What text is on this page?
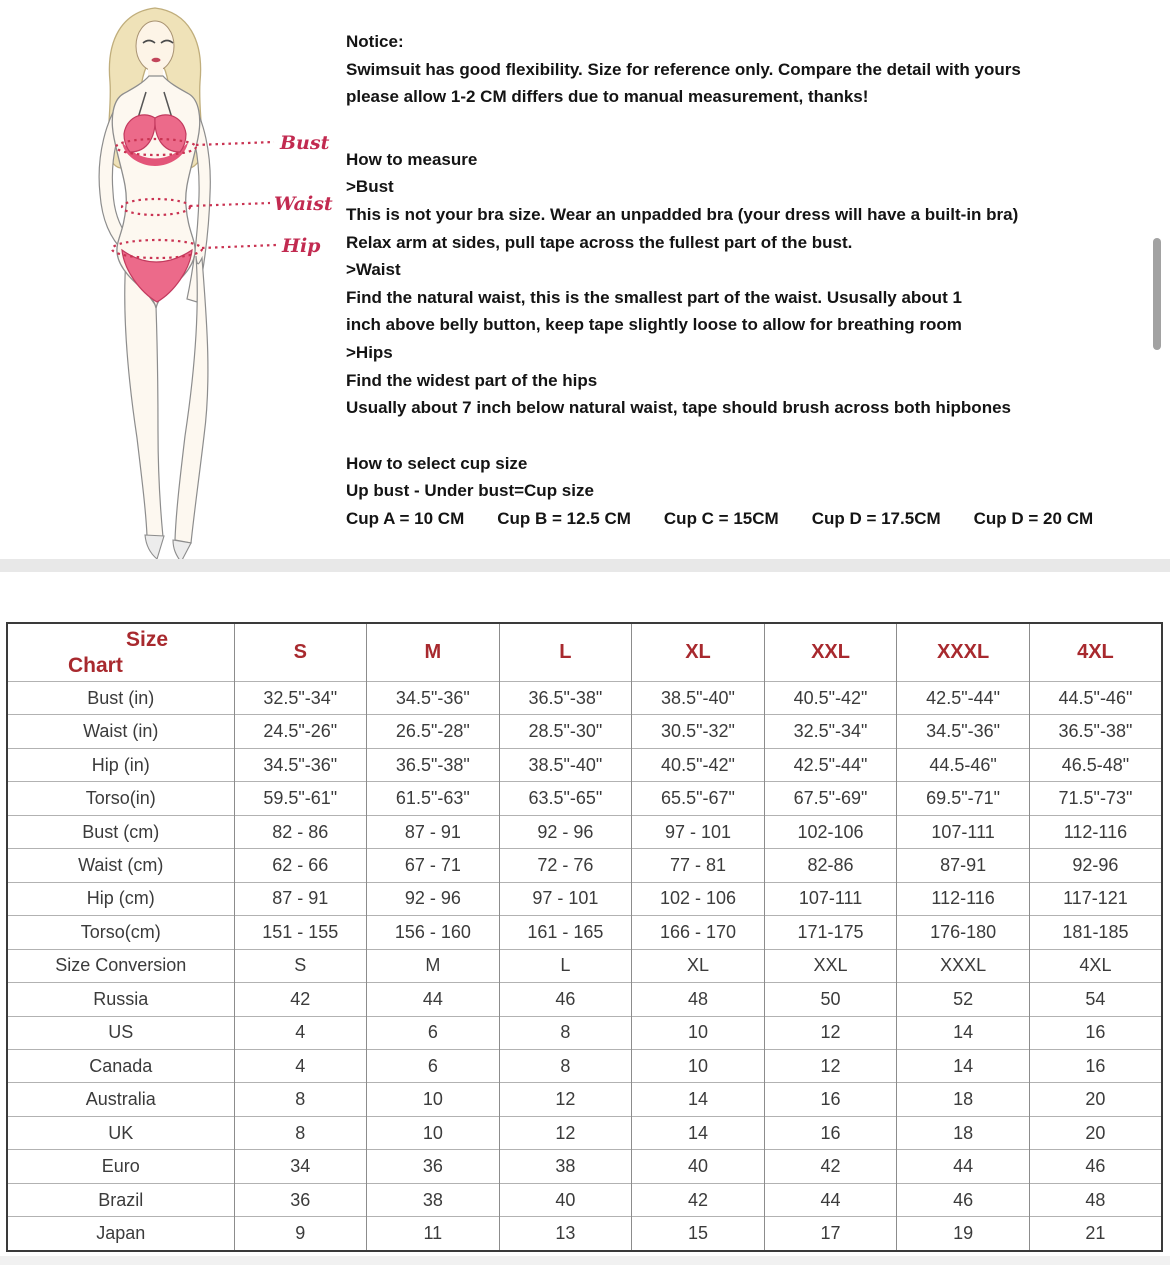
Bust
Waist
Hip

Notice:

Swimsuit has good flexibility. Size for reference only. Compare the detail with yours

please allow 1-2 CM differs due to manual measurement, thanks!

How to measure

>Bust

This is not your bra size. Wear an unpadded bra (your dress will have a built-in bra)

Relax arm at sides, pull tape across the fullest part of the bust.

>Waist

Find the natural waist, this is the smallest part of the waist. Ususally about 1

inch above belly button, keep tape slightly loose to allow for breathing room

>Hips

Find the widest part of the hips

Usually about 7 inch below natural waist, tape should brush across both hipbones

How to select cup size

Up bust - Under bust=Cup size

Cup A = 10 CM Cup B = 12.5 CM Cup C = 15CM Cup D = 17.5CM Cup D = 20 CM

Size
Chart	S	M	L	XL	XXL	XXXL	4XL
Bust (in)	32.5"-34"	34.5"-36"	36.5"-38"	38.5"-40"	40.5"-42"	42.5"-44"	44.5"-46"
Waist (in)	24.5"-26"	26.5"-28"	28.5"-30"	30.5"-32"	32.5"-34"	34.5"-36"	36.5"-38"
Hip (in)	34.5"-36"	36.5"-38"	38.5"-40"	40.5"-42"	42.5"-44"	44.5-46"	46.5-48"
Torso(in)	59.5"-61"	61.5"-63"	63.5"-65"	65.5"-67"	67.5"-69"	69.5"-71"	71.5"-73"
Bust (cm)	82 - 86	87 - 91	92 - 96	97 - 101	102-106	107-111	112-116
Waist (cm)	62 - 66	67 - 71	72 - 76	77 - 81	82-86	87-91	92-96
Hip (cm)	87 - 91	92 - 96	97 - 101	102 - 106	107-111	112-116	117-121
Torso(cm)	151 - 155	156 - 160	161 - 165	166 - 170	171-175	176-180	181-185
Size Conversion	S	M	L	XL	XXL	XXXL	4XL
Russia	42	44	46	48	50	52	54
US	4	6	8	10	12	14	16
Canada	4	6	8	10	12	14	16
Australia	8	10	12	14	16	18	20
UK	8	10	12	14	16	18	20
Euro	34	36	38	40	42	44	46
Brazil	36	38	40	42	44	46	48
Japan	9	11	13	15	17	19	21
